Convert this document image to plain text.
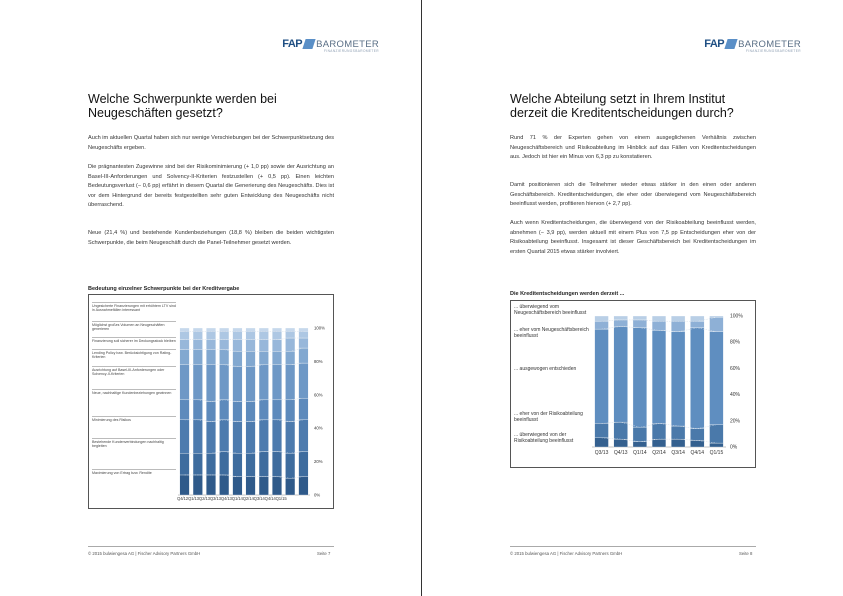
FAP BAROMETER
FINANZIERUNGSBAROMETER
Welche Schwerpunkte werden bei
Neugeschäften gesetzt?
Auch im aktuellen Quartal haben sich nur wenige Verschiebungen bei der Schwerpunktsetzung des Neugeschäfts ergeben.
Die prägnantesten Zugewinne sind bei der Risikominimierung (+ 1,0 pp) sowie der Ausrichtung an Basel-III-Anforderungen und Solvency-II-Kriterien festzustellen (+ 0,5 pp). Einen leichten Bedeutungsverlust (− 0,6 pp) erfährt in diesem Quartal die Generierung des Neugeschäfts. Dies ist vor dem Hintergrund der bereits festgestellten sehr guten Entwicklung des Neugeschäfts nicht überraschend.
Neue (21,4 %) und bestehende Kundenbeziehungen (18,8 %) bleiben die beiden wichtigsten Schwerpunkte, die beim Neugeschäft durch die Panel-Teilnehmer gesetzt werden.
Bedeutung einzelner Schwerpunkte bei der Kreditvergabe
Ungesicherte Finanzierungen mit erhöhtem LTV sind in Ausnahmefällen interessant
Möglichst großes Volumen an Neugeschäften generieren
Finanzierung soll sicherer im Deckungsstock bleiben
Lending Policy bzw. Berücksichtigung von Rating-Kriterien
Ausrichtung auf Basel-III-Anforderungen oder Solvency-II-Kriterien
Neue, nachhaltige Kundenbeziehungen gewinnen
Minimierung des Risikos
Bestehende Kundenverbindungen nachhaltig begleiten
Maximierung von Ertrag bzw. Rendite
0%
20%
40%
60%
80%
100%
Q4/12Q1/13Q2/13Q3/13Q4/13Q1/14Q2/14Q3/14Q4/14Q1/15
© 2015 bulwiengesa AG | Fischer Advisory Partners GmbH	Seite 7
FAP BAROMETER
FINANZIERUNGSBAROMETER
Welche Abteilung setzt in Ihrem Institut
derzeit die Kreditentscheidungen durch?
Rund 71 % der Experten gehen von einem ausgeglichenen Verhältnis zwischen Neugeschäftsbereich und Risikoabteilung im Hinblick auf das Fällen von Kreditentscheidungen aus. Jedoch ist hier ein Minus von 6,3 pp zu konstatieren.
Damit positionieren sich die Teilnehmer wieder etwas stärker in den einen oder anderen Geschäftsbereich. Kreditentscheidungen, die eher oder überwiegend vom Neugeschäftsbereich beeinflusst werden, profitieren hiervon (+ 2,7 pp).
Auch wenn Kreditentscheidungen, die überwiegend von der Risikoabteilung beeinflusst werden, abnehmen (− 3,9 pp), werden aktuell mit einem Plus von 7,5 pp Entscheidungen eher von der Risikoabteilung beeinflusst. Insgesamt ist dieser Geschäftsbereich bei Kreditentscheidungen im ersten Quartal 2015 etwas stärker involviert.
Die Kreditentscheidungen werden derzeit ...
... überwiegend vom Neugeschäftsbereich beeinflusst
... eher vom Neugeschäftsbereich beeinflusst
... ausgewogen entschieden
... eher von der Risikoabteilung beeinflusst
... überwiegend von der Risikoabteilung beeinflusst
Q3/13 Q4/13 Q1/14 Q2/14 Q3/14 Q4/14 Q1/15
0%
20%
40%
60%
80%
100%
© 2015 bulwiengesa AG | Fischer Advisory Partners GmbH	Seite 8
